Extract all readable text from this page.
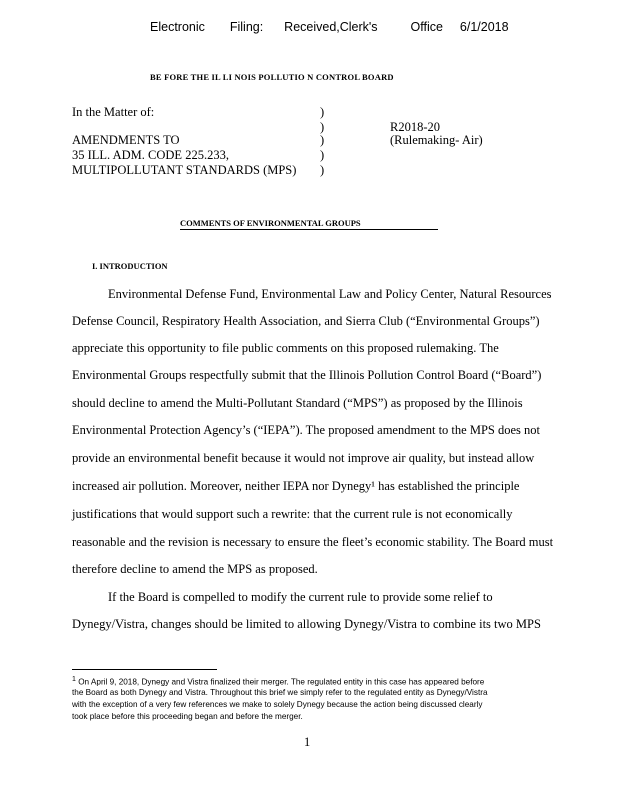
Electronic Filing: Received,Clerk's	Office 6/1/2018
BE FORE THE IL LI NOIS POLLUTIO N CONTROL BOARD
In the Matter of:
AMENDMENTS TO
35 ILL. ADM. CODE 225.233,
MULTIPOLLUTANT STANDARDS (MPS)
)
)
)
)
)
R2018-20
(Rulemaking- Air)
COMMENTS OF ENVIRONMENTAL GROUPS
I. INTRODUCTION
Environmental Defense Fund, Environmental Law and Policy Center, Natural Resources
Defense Council, Respiratory Health Association, and Sierra Club (“Environmental Groups”)
appreciate this opportunity to file public comments on this proposed rulemaking. The
Environmental Groups respectfully submit that the Illinois Pollution Control Board (“Board”)
should decline to amend the Multi-Pollutant Standard (“MPS”) as proposed by the Illinois
Environmental Protection Agency’s (“IEPA”). The proposed amendment to the MPS does not
provide an environmental benefit because it would not improve air quality, but instead allow
increased air pollution. Moreover, neither IEPA nor Dynegy¹ has established the principle
justifications that would support such a rewrite: that the current rule is not economically
reasonable and the revision is necessary to ensure the fleet’s economic stability. The Board must
therefore decline to amend the MPS as proposed.
If the Board is compelled to modify the current rule to provide some relief to
Dynegy/Vistra, changes should be limited to allowing Dynegy/Vistra to combine its two MPS
$^1$ On April 9, 2018, Dynegy and Vistra finalized their merger. The regulated entity in this case has appeared before
the Board as both Dynegy and Vistra. Throughout this brief we simply refer to the regulated entity as Dynegy/Vistra
with the exception of a very few references we make to solely Dynegy because the action being discussed clearly
took place before this proceeding began and before the merger.
1
